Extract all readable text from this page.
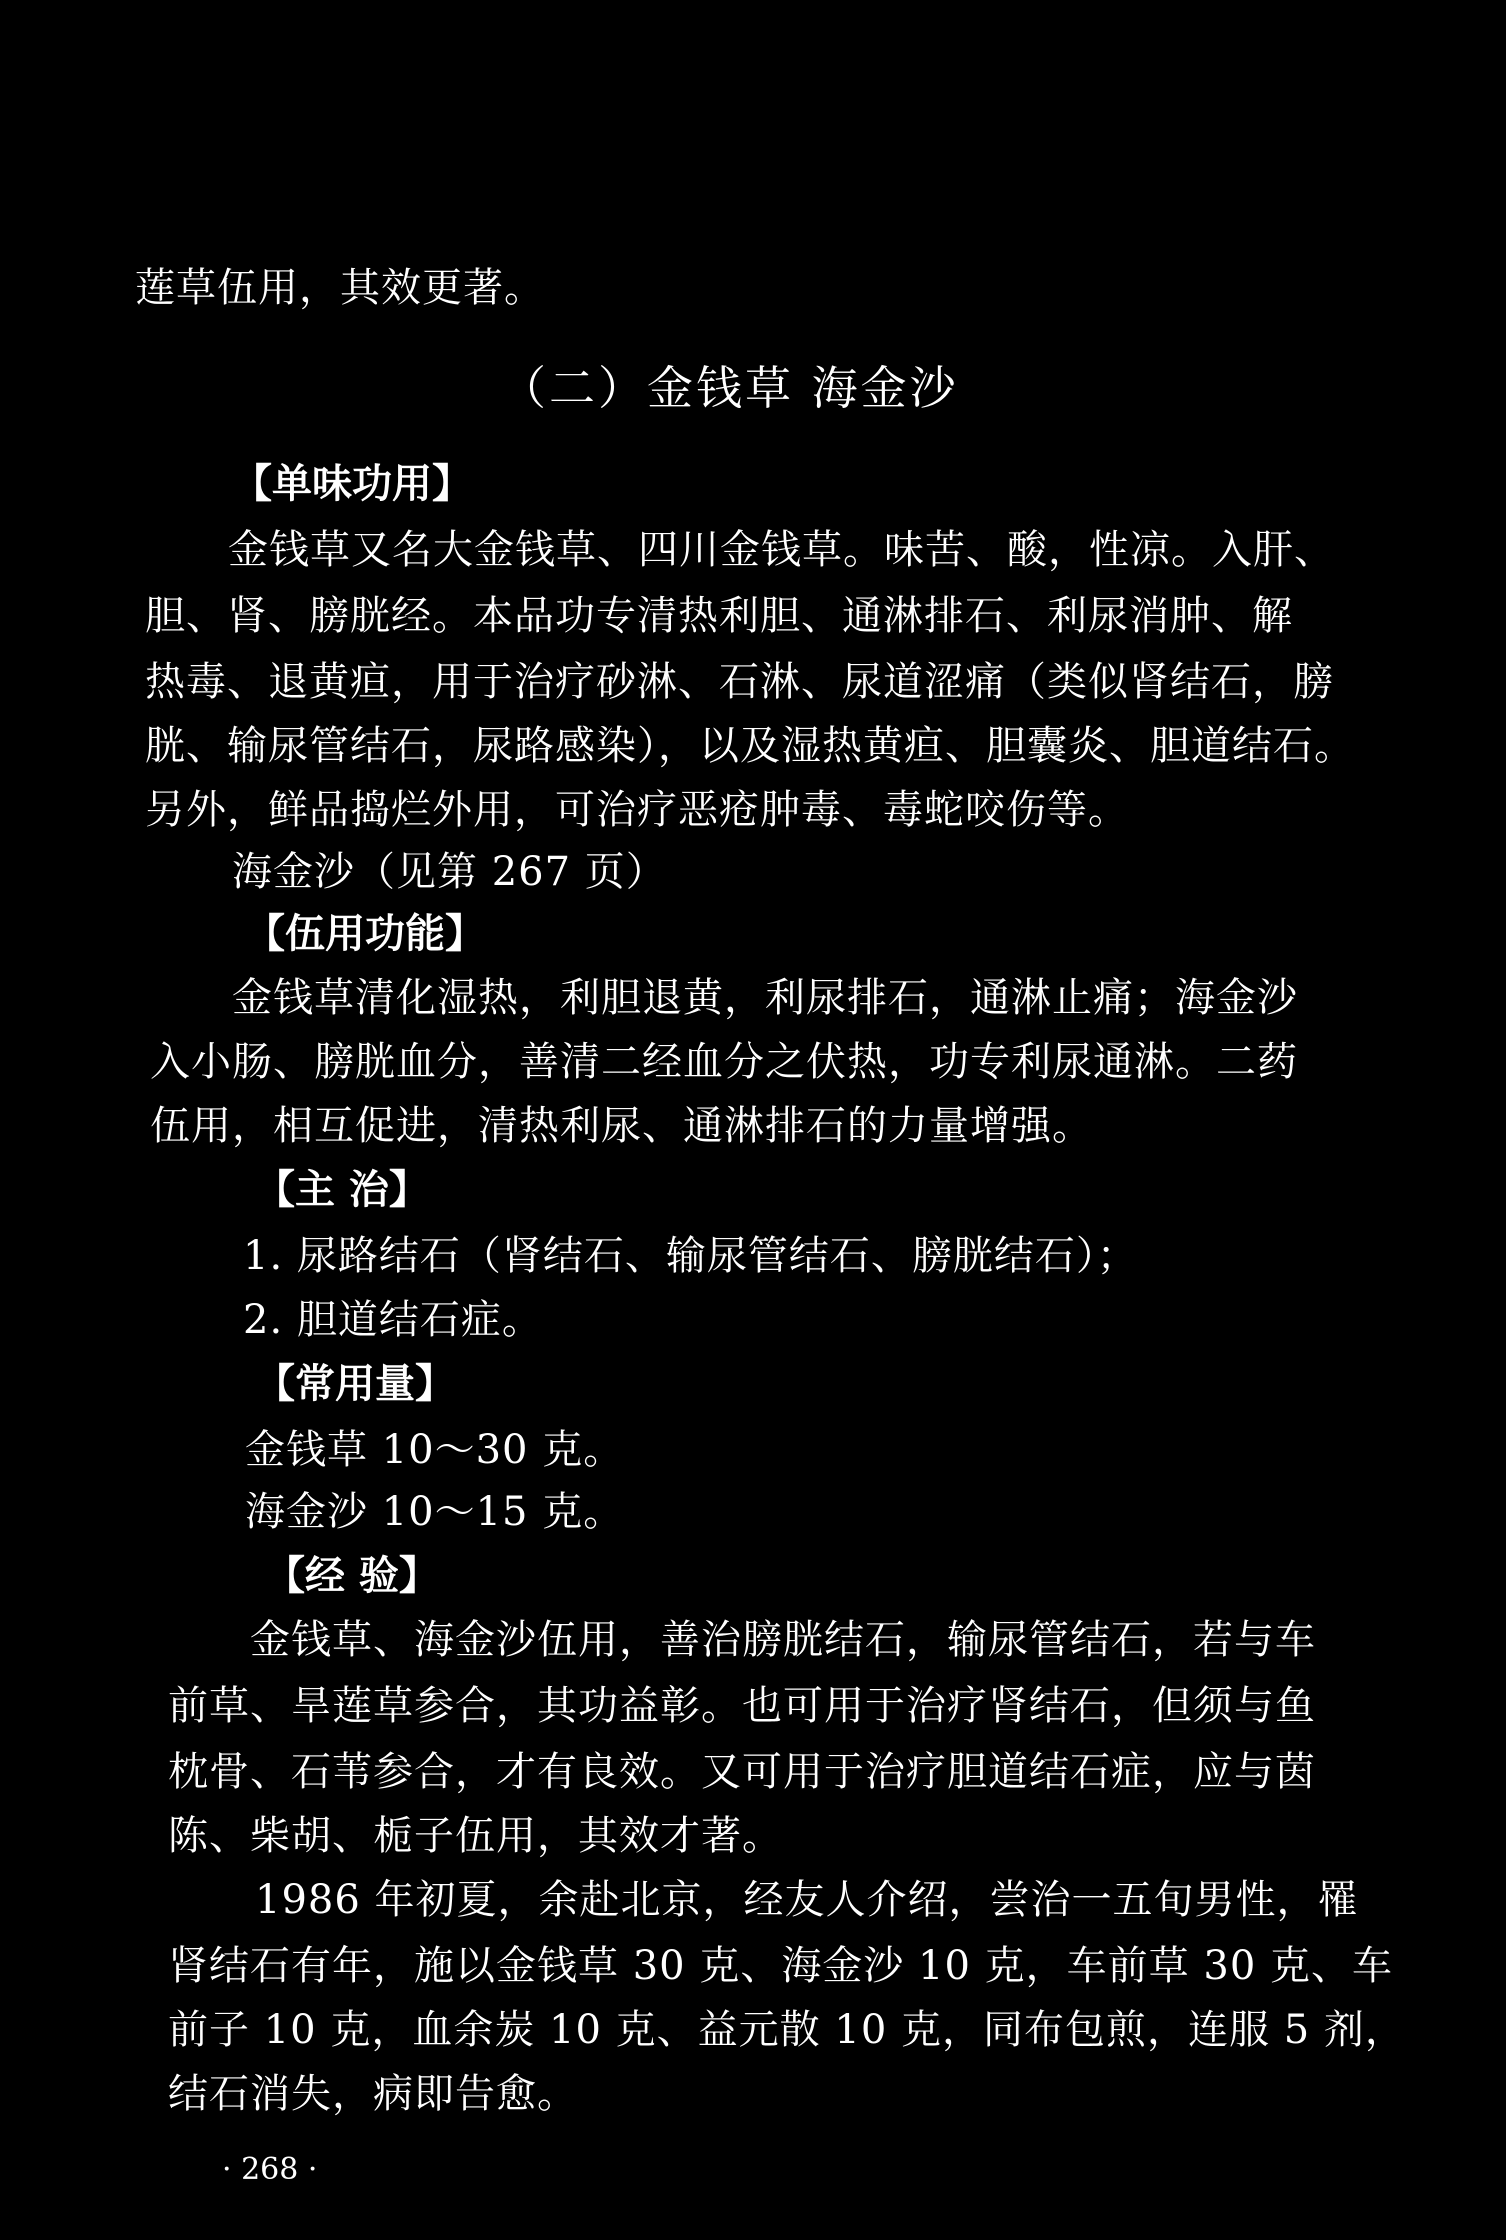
莲草伍用，其效更著。
（二）金钱草 海金沙
【单味功用】
金钱草又名大金钱草、四川金钱草。味苦、酸，性凉。入肝、
胆、肾、膀胱经。本品功专清热利胆、通淋排石、利尿消肿、解
热毒、退黄疸，用于治疗砂淋、石淋、尿道涩痛（类似肾结石，膀
胱、输尿管结石，尿路感染），以及湿热黄疸、胆囊炎、胆道结石。
另外，鲜品捣烂外用，可治疗恶疮肿毒、毒蛇咬伤等。
海金沙（见第 267 页）
【伍用功能】
金钱草清化湿热，利胆退黄，利尿排石，通淋止痛；海金沙
入小肠、膀胱血分，善清二经血分之伏热，功专利尿通淋。二药
伍用，相互促进，清热利尿、通淋排石的力量增强。
【主 治】
1. 尿路结石（肾结石、输尿管结石、膀胱结石）；
2. 胆道结石症。
【常用量】
金钱草 10～30 克。
海金沙 10～15 克。
【经 验】
金钱草、海金沙伍用，善治膀胱结石，输尿管结石，若与车
前草、旱莲草参合，其功益彰。也可用于治疗肾结石，但须与鱼
枕骨、石苇参合，才有良效。又可用于治疗胆道结石症，应与茵
陈、柴胡、栀子伍用，其效才著。
1986 年初夏，余赴北京，经友人介绍，尝治一五旬男性，罹
肾结石有年，施以金钱草 30 克、海金沙 10 克，车前草 30 克、车
前子 10 克，血余炭 10 克、益元散 10 克，同布包煎，连服 5 剂，
结石消失，病即告愈。
· 268 ·
